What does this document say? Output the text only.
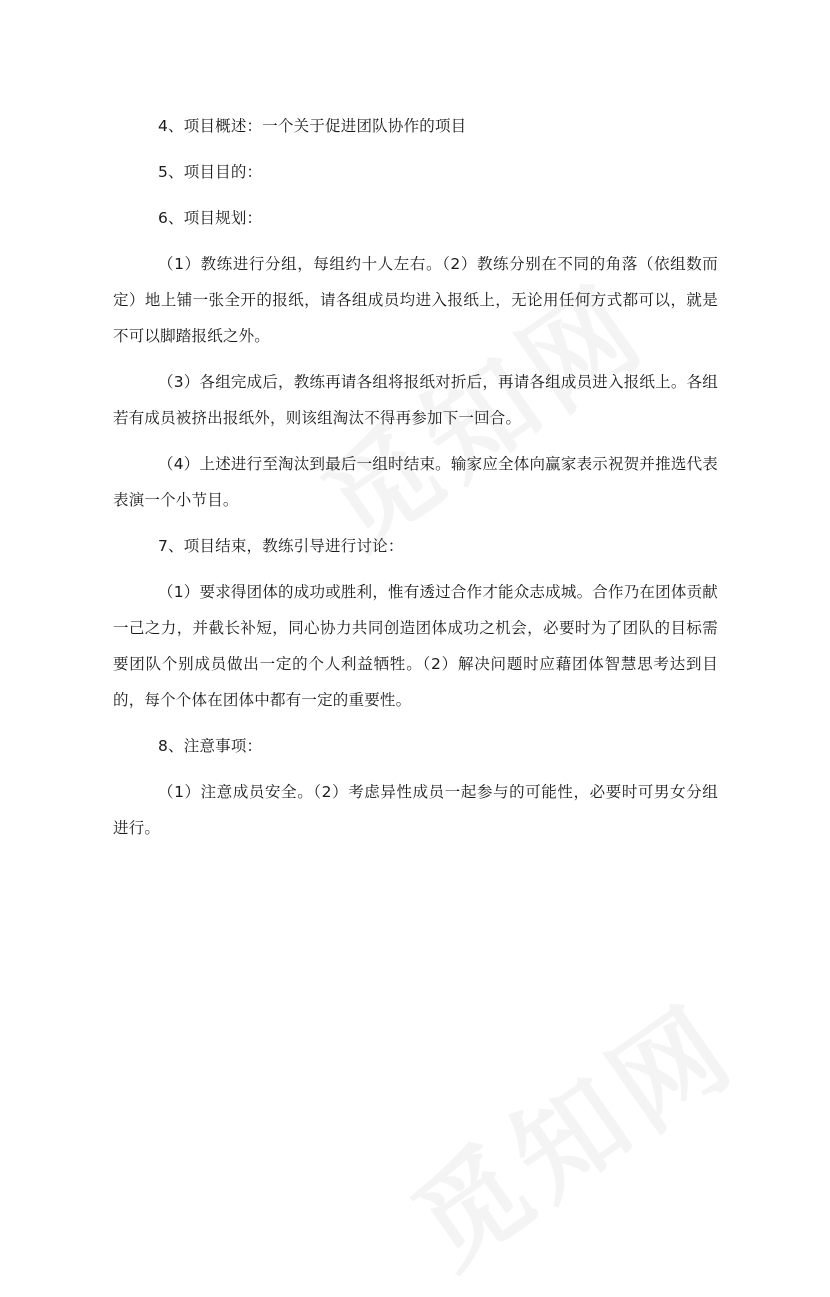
4、项目概述：一个关于促进团队协作的项目

5、项目目的：

6、项目规划：

（1）教练进行分组，每组约十人左右。（2）教练分别在不同的角落（依组数而定）地上铺一张全开的报纸，请各组成员均进入报纸上，无论用任何方式都可以，就是不可以脚踏报纸之外。

（3）各组完成后，教练再请各组将报纸对折后，再请各组成员进入报纸上。各组若有成员被挤出报纸外，则该组淘汰不得再参加下一回合。

（4）上述进行至淘汰到最后一组时结束。输家应全体向赢家表示祝贺并推选代表表演一个小节目。

7、项目结束，教练引导进行讨论：

（1）要求得团体的成功或胜利，惟有透过合作才能众志成城。合作乃在团体贡献一己之力，并截长补短，同心协力共同创造团体成功之机会，必要时为了团队的目标需要团队个别成员做出一定的个人利益牺牲。（2）解决问题时应藉团体智慧思考达到目的，每个个体在团体中都有一定的重要性。

8、注意事项：

（1）注意成员安全。（2）考虑异性成员一起参与的可能性，必要时可男女分组进行。
